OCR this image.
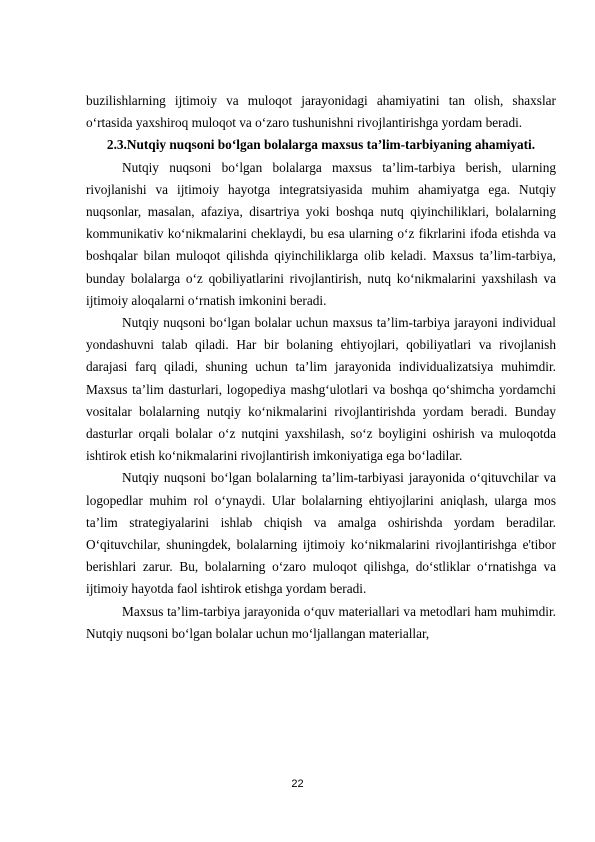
buzilishlarning ijtimoiy va muloqot jarayonidagi ahamiyatini tan olish, shaxslar o‘rtasida yaxshiroq muloqot va o‘zaro tushunishni rivojlantirishga yordam beradi.

2.3.Nutqiy nuqsoni bo‘lgan bolalarga maxsus ta’lim-tarbiyaning ahamiyati.

Nutqiy nuqsoni bo‘lgan bolalarga maxsus ta’lim-tarbiya berish, ularning rivojlanishi va ijtimoiy hayotga integratsiyasida muhim ahamiyatga ega. Nutqiy nuqsonlar, masalan, afaziya, disartriya yoki boshqa nutq qiyinchiliklari, bolalarning kommunikativ ko‘nikmalarini cheklaydi, bu esa ularning o‘z fikrlarini ifoda etishda va boshqalar bilan muloqot qilishda qiyinchiliklarga olib keladi. Maxsus ta’lim-tarbiya, bunday bolalarga o‘z qobiliyatlarini rivojlantirish, nutq ko‘nikmalarini yaxshilash va ijtimoiy aloqalarni o‘rnatish imkonini beradi.

Nutqiy nuqsoni bo‘lgan bolalar uchun maxsus ta’lim-tarbiya jarayoni individual yondashuvni talab qiladi. Har bir bolaning ehtiyojlari, qobiliyatlari va rivojlanish darajasi farq qiladi, shuning uchun ta’lim jarayonida individualizatsiya muhimdir. Maxsus ta’lim dasturlari, logopediya mashg‘ulotlari va boshqa qo‘shimcha yordamchi vositalar bolalarning nutqiy ko‘nikmalarini rivojlantirishda yordam beradi. Bunday dasturlar orqali bolalar o‘z nutqini yaxshilash, so‘z boyligini oshirish va muloqotda ishtirok etish ko‘nikmalarini rivojlantirish imkoniyatiga ega bo‘ladilar.

Nutqiy nuqsoni bo‘lgan bolalarning ta’lim-tarbiyasi jarayonida o‘qituvchilar va logopedlar muhim rol o‘ynaydi. Ular bolalarning ehtiyojlarini aniqlash, ularga mos ta’lim strategiyalarini ishlab chiqish va amalga oshirishda yordam beradilar. O‘qituvchilar, shuningdek, bolalarning ijtimoiy ko‘nikmalarini rivojlantirishga e'tibor berishlari zarur. Bu, bolalarning o‘zaro muloqot qilishga, do‘stliklar o‘rnatishga va ijtimoiy hayotda faol ishtirok etishga yordam beradi.

Maxsus ta’lim-tarbiya jarayonida o‘quv materiallari va metodlari ham muhimdir. Nutqiy nuqsoni bo‘lgan bolalar uchun mo‘ljallangan materiallar,

22
